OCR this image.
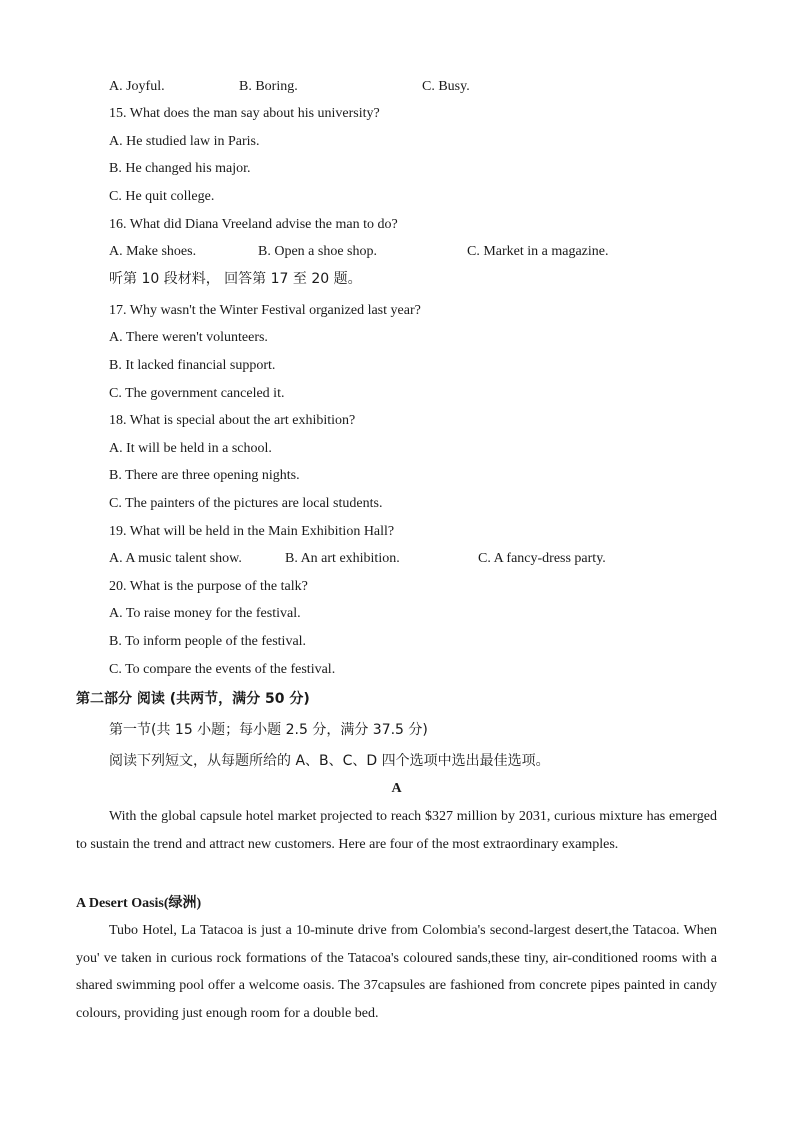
A. Joyful.	B. Boring.	C. Busy.
15. What does the man say about his university?
A. He studied law in Paris.
B. He changed his major.
C. He quit college.
16. What did Diana Vreeland advise the man to do?
A. Make shoes.	B. Open a shoe shop.	C. Market in a magazine.
听第 10 段材料， 回答第 17 至 20 题。
17. Why wasn't the Winter Festival organized last year?
A. There weren't volunteers.
B. It lacked financial support.
C. The government canceled it.
18. What is special about the art exhibition?
A. It will be held in a school.
B. There are three opening nights.
C. The painters of the pictures are local students.
19. What will be held in the Main Exhibition Hall?
A. A music talent show.	B. An art exhibition.	C. A fancy-dress party.
20. What is the purpose of the talk?
A. To raise money for the festival.
B. To inform people of the festival.
C. To compare the events of the festival.
第二部分 阅读 (共两节，满分 50 分)
第一节(共 15 小题；每小题 2.5 分，满分 37.5 分)
阅读下列短文，从每题所给的 A、B、C、D 四个选项中选出最佳选项。
A
With the global capsule hotel market projected to reach $327 million by 2031, curious mixture has emerged to sustain the trend and attract new customers. Here are four of the most extraordinary examples.
A Desert Oasis(绿洲)
Tubo Hotel, La Tatacoa is just a 10-minute drive from Colombia's second-largest desert,the Tatacoa. When you' ve taken in curious rock formations of the Tatacoa's coloured sands,these tiny, air-conditioned rooms with a shared swimming pool offer a welcome oasis. The 37capsules are fashioned from concrete pipes painted in candy colours, providing just enough room for a double bed.
